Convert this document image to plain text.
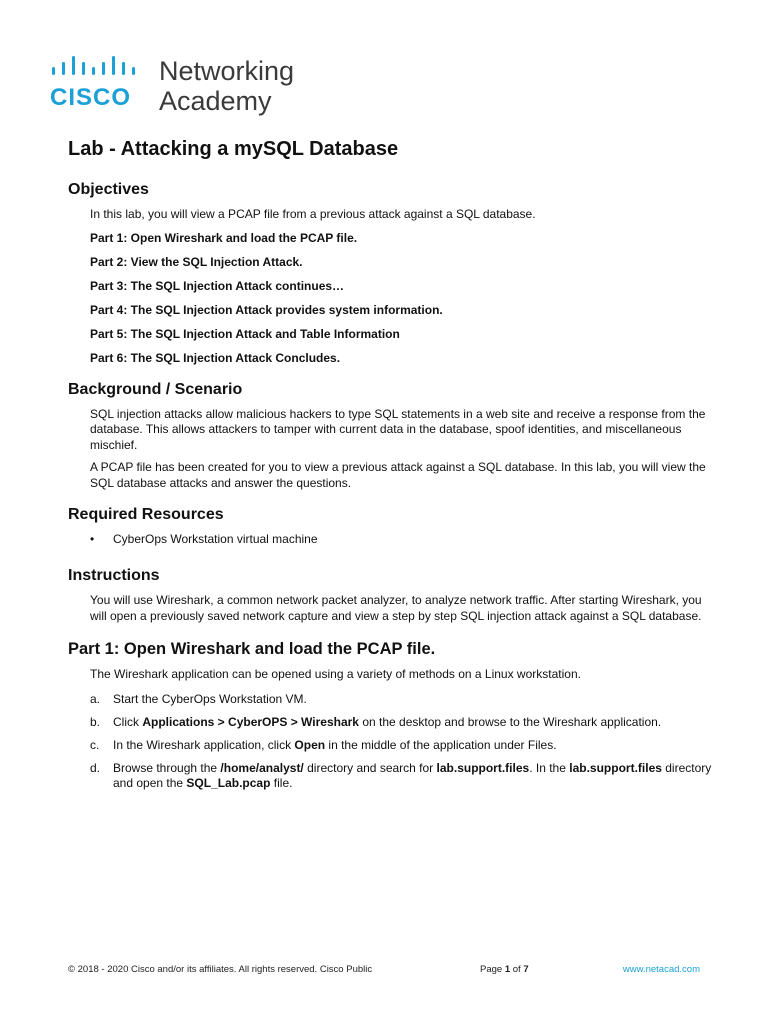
CISCO
Networking
Academy
Lab - Attacking a mySQL Database
Objectives

In this lab, you will view a PCAP file from a previous attack against a SQL database.

Part 1: Open Wireshark and load the PCAP file.

Part 2: View the SQL Injection Attack.

Part 3: The SQL Injection Attack continues…

Part 4: The SQL Injection Attack provides system information.

Part 5: The SQL Injection Attack and Table Information

Part 6: The SQL Injection Attack Concludes.

Background / Scenario

SQL injection attacks allow malicious hackers to type SQL statements in a web site and receive a response from the database. This allows attackers to tamper with current data in the database, spoof identities, and miscellaneous mischief.

A PCAP file has been created for you to view a previous attack against a SQL database. In this lab, you will view the SQL database attacks and answer the questions.

Required Resources
• CyberOps Workstation virtual machine
Instructions

You will use Wireshark, a common network packet analyzer, to analyze network traffic. After starting Wireshark, you will open a previously saved network capture and view a step by step SQL injection attack against a SQL database.

Part 1: Open Wireshark and load the PCAP file.

The Wireshark application can be opened using a variety of methods on a Linux workstation.

a. Start the CyberOps Workstation VM.
b. Click Applications > CyberOPS > Wireshark on the desktop and browse to the Wireshark application.
c. In the Wireshark application, click Open in the middle of the application under Files.
d. Browse through the /home/analyst/ directory and search for lab.support.files. In the lab.support.files directory and open the SQL_Lab.pcap file.
© 2018 - 2020 Cisco and/or its affiliates. All rights reserved. Cisco Public	Page 1 of 7	www.netacad.com
